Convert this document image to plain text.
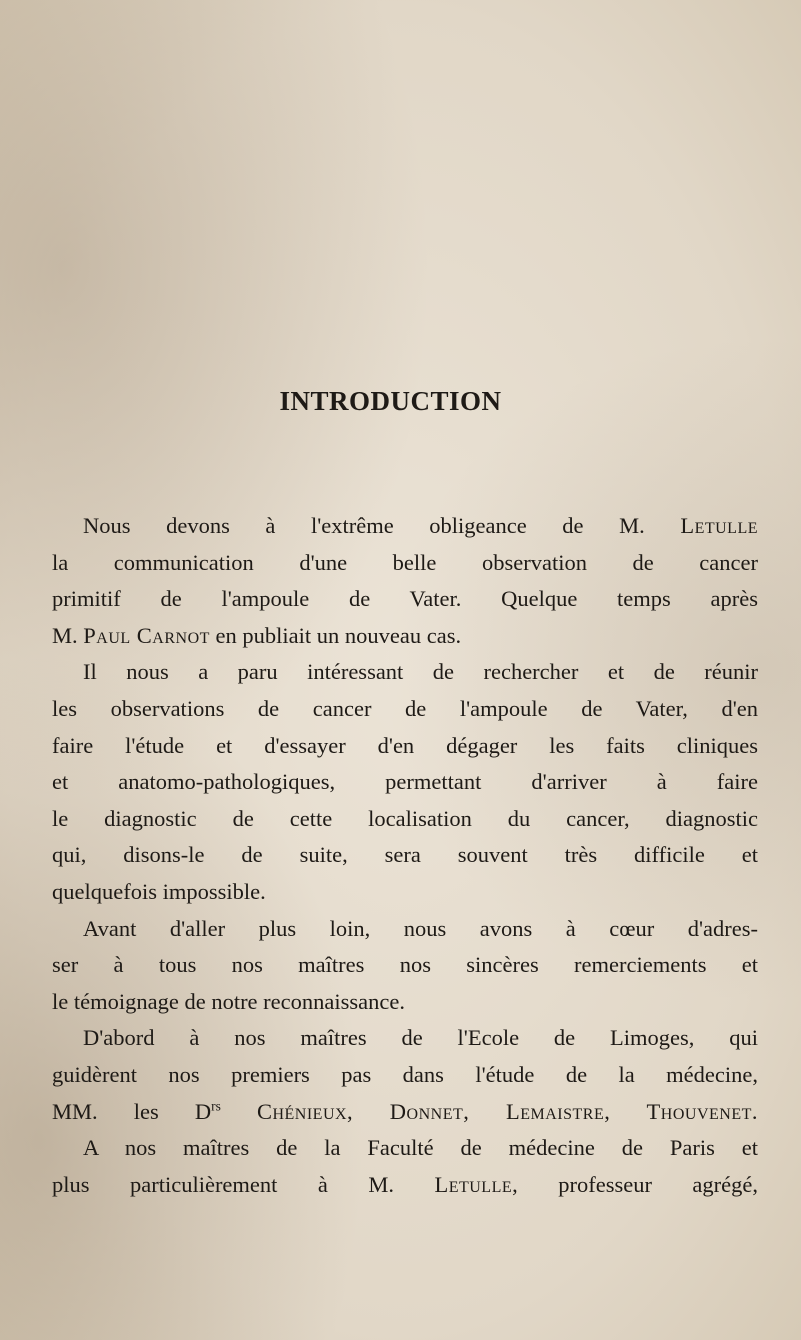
INTRODUCTION
Nous devons à l'extrême obligeance de M. Letulle
la communication d'une belle observation de cancer
primitif de l'ampoule de Vater. Quelque temps après
M. Paul Carnot en publiait un nouveau cas.
Il nous a paru intéressant de rechercher et de réunir
les observations de cancer de l'ampoule de Vater, d'en
faire l'étude et d'essayer d'en dégager les faits cliniques
et anatomo-pathologiques, permettant d'arriver à faire
le diagnostic de cette localisation du cancer, diagnostic
qui, disons-le de suite, sera souvent très difficile et
quelquefois impossible.
Avant d'aller plus loin, nous avons à cœur d'adres-
ser à tous nos maîtres nos sincères remerciements et
le témoignage de notre reconnaissance.
D'abord à nos maîtres de l'Ecole de Limoges, qui
guidèrent nos premiers pas dans l'étude de la médecine,
MM. les $D^{rs}$ Chénieux, Donnet, Lemaistre, Thouvenet.
A nos maîtres de la Faculté de médecine de Paris et
plus particulièrement à M. Letulle, professeur agrégé,
